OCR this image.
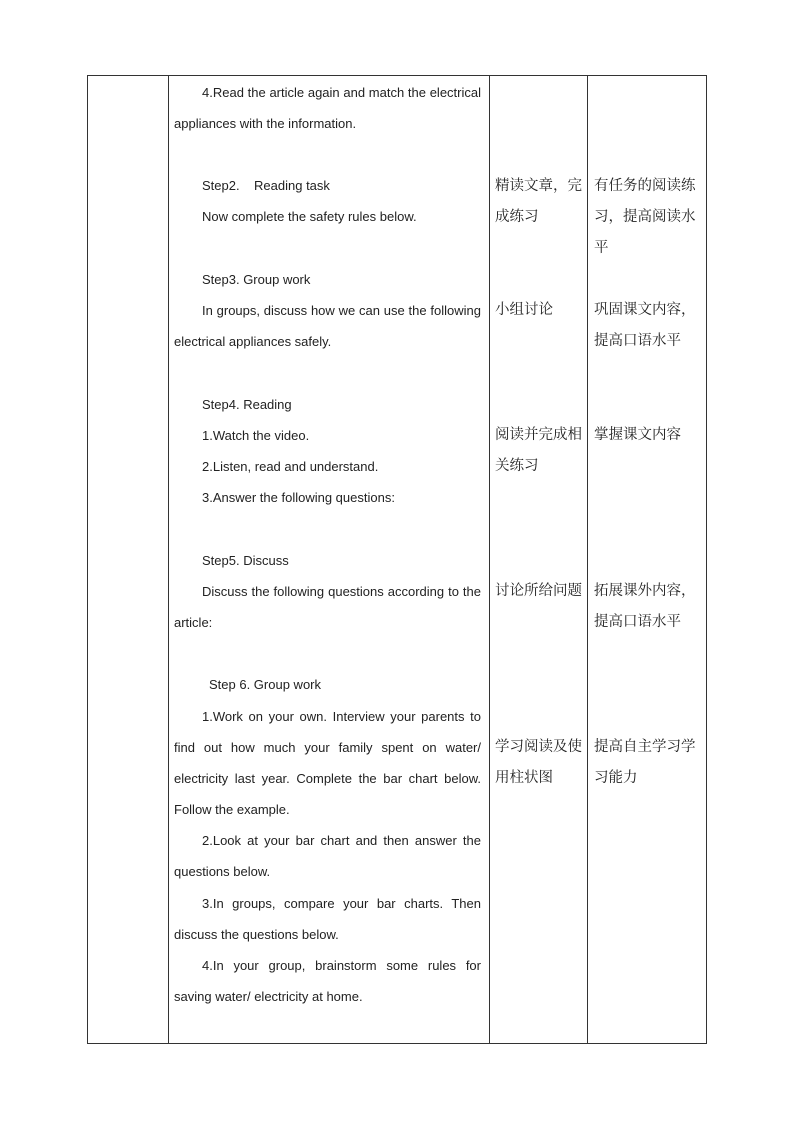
4.Read the article again and match the electrical
appliances with the information.
Step2.    Reading task
Now complete the safety rules below.
Step3. Group work
In groups, discuss how we can use the following
electrical appliances safely.
Step4. Reading
1.Watch the video.
2.Listen, read and understand.
3.Answer the following questions:
Step5. Discuss
Discuss the following questions according to the
article:
Step 6. Group work
1.Work on your own. Interview your parents to
find out how much your family spent on water/
electricity last year. Complete the bar chart below.
Follow the example.
2.Look at your bar chart and then answer the
questions below.
3.In groups, compare your bar charts. Then
discuss the questions below.
4.In your group, brainstorm some rules for
saving water/ electricity at home.
精读文章，完
成练习
小组讨论
阅读并完成相
关练习
讨论所给问题
学习阅读及使
用柱状图
有任务的阅读练
习，提高阅读水
平
巩固课文内容，
提高口语水平
掌握课文内容
拓展课外内容，
提高口语水平
提高自主学习学
习能力
